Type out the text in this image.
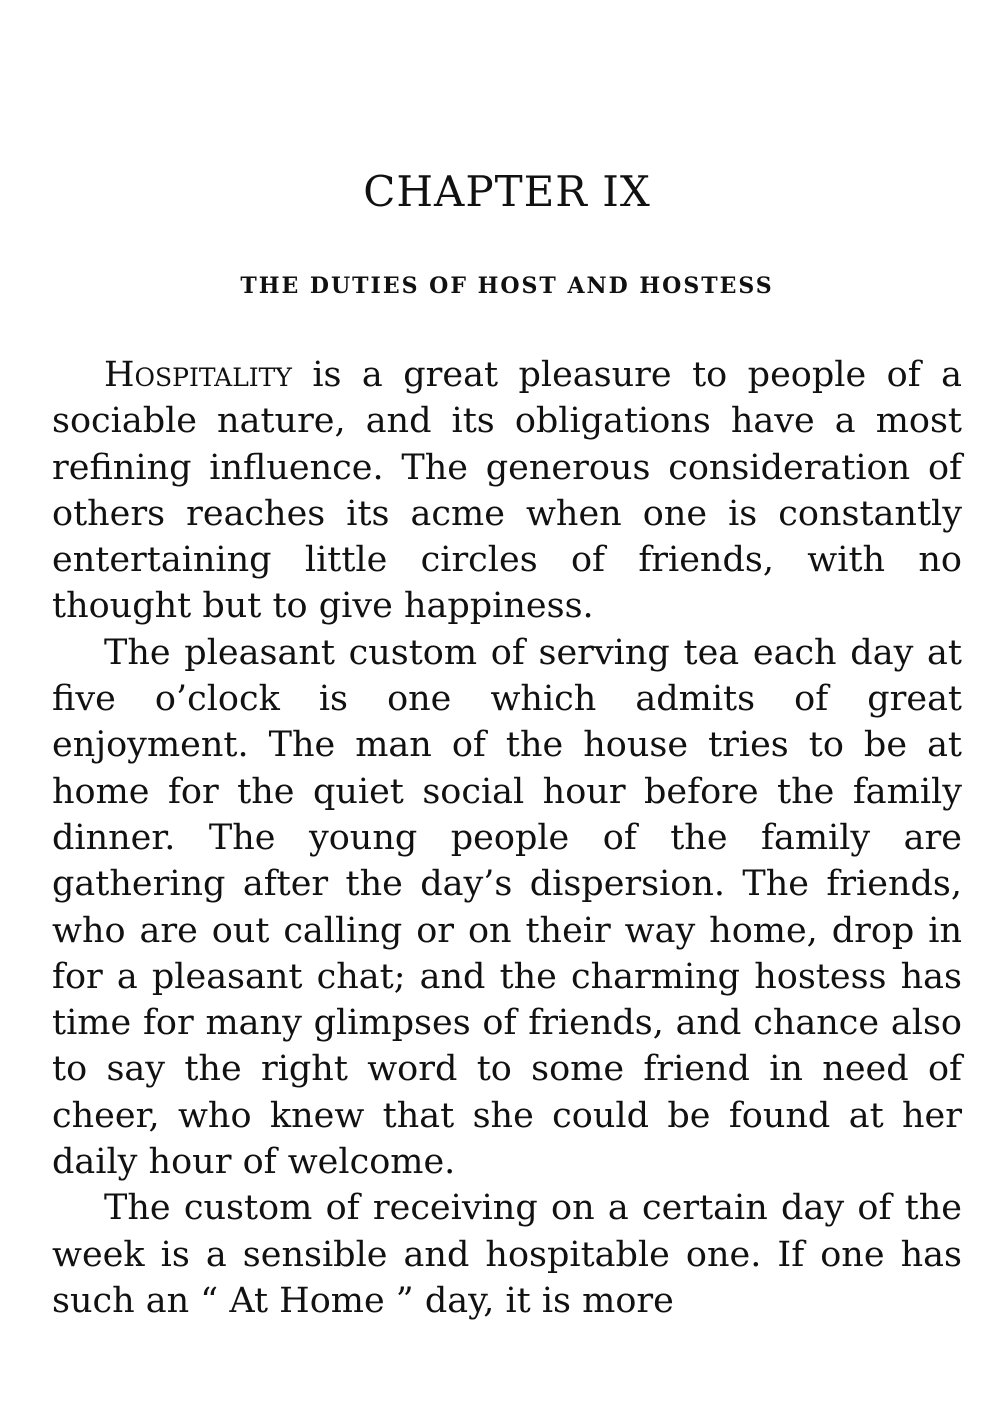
CHAPTER IX
THE DUTIES OF HOST AND HOSTESS

Hospitality is a great pleasure to people of a sociable nature, and its obligations have a most refining influence. The generous consideration of others reaches its acme when one is constantly entertaining little circles of friends, with no thought but to give happiness.

The pleasant custom of serving tea each day at five o’clock is one which admits of great enjoyment. The man of the house tries to be at home for the quiet social hour before the family dinner. The young people of the family are gathering after the day’s dispersion. The friends, who are out calling or on their way home, drop in for a pleasant chat; and the charming hostess has time for many glimpses of friends, and chance also to say the right word to some friend in need of cheer, who knew that she could be found at her daily hour of welcome.

The custom of receiving on a certain day of the week is a sensible and hospitable one. If one has such an “ At Home ” day, it is more
